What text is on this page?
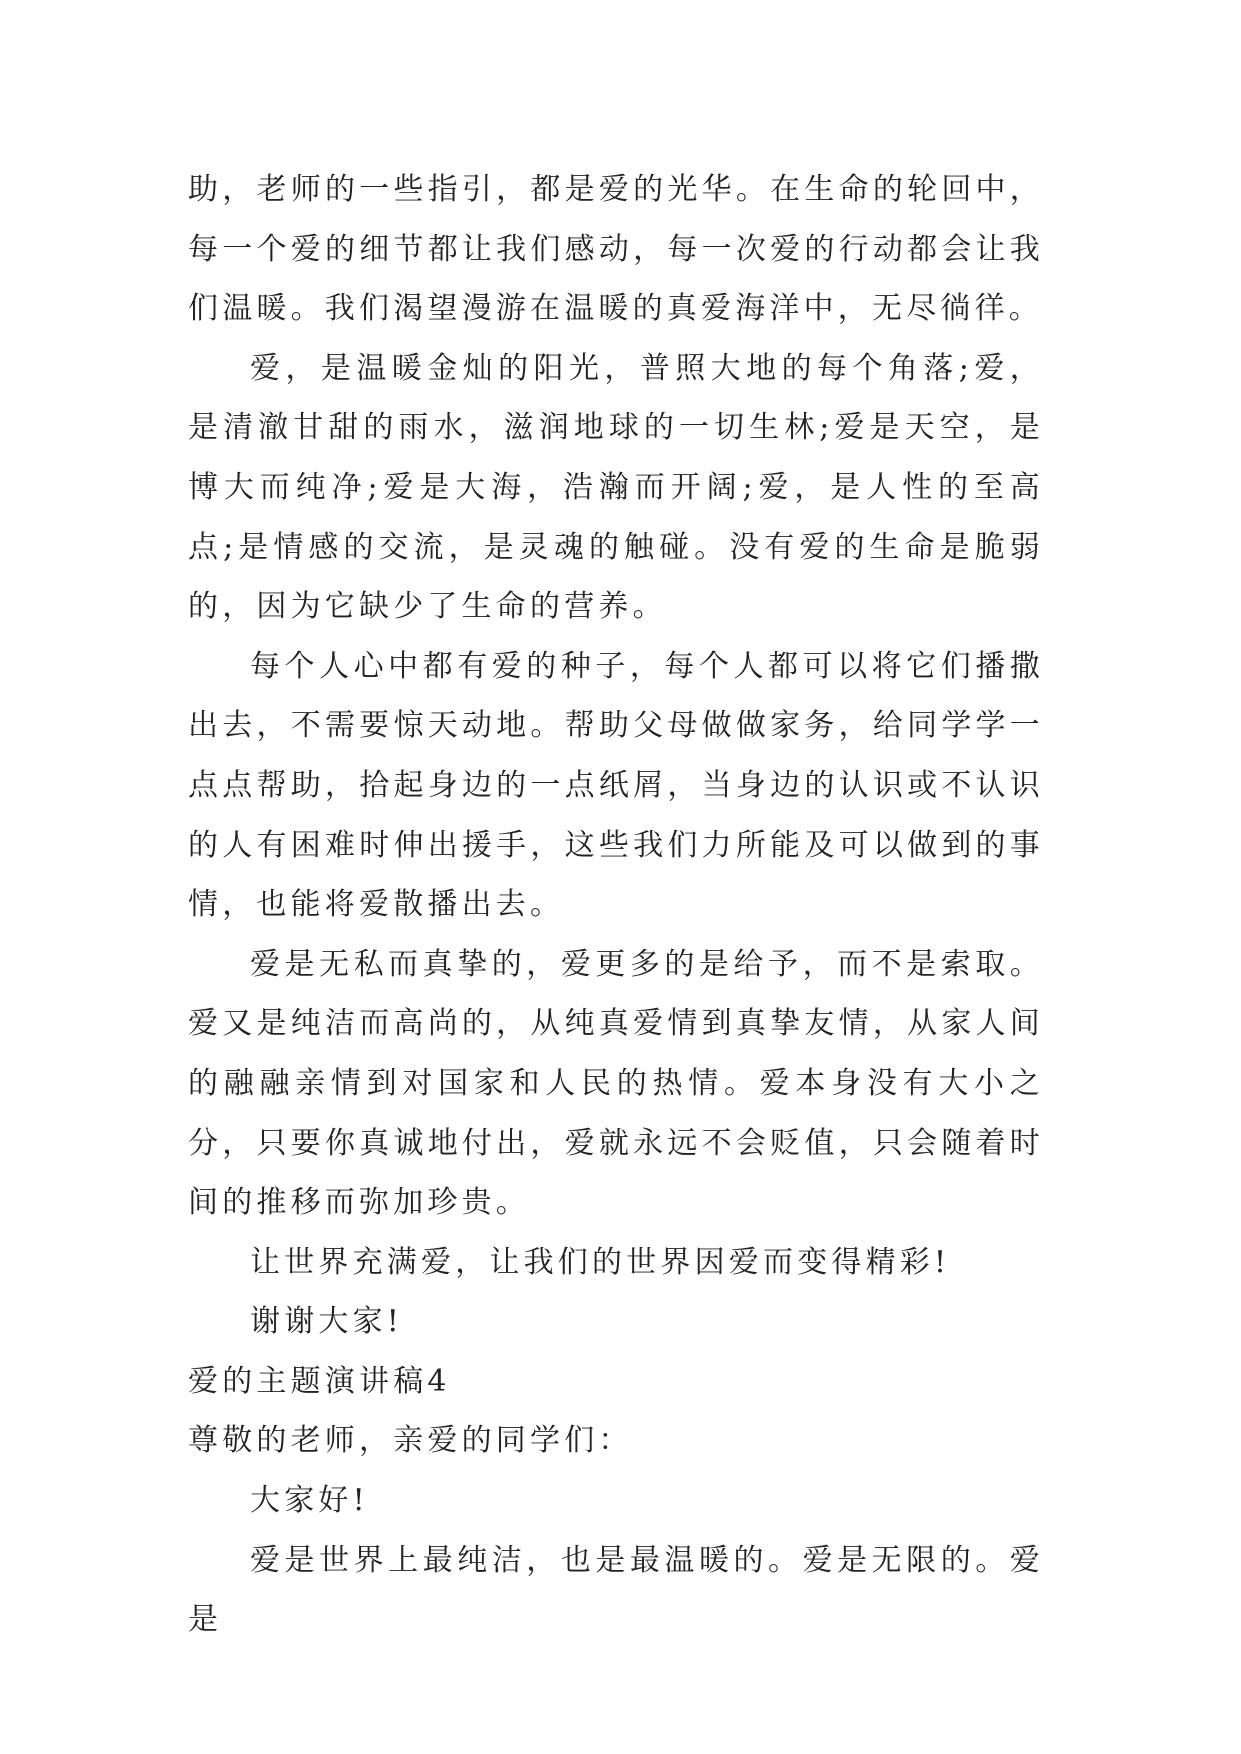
助，老师的一些指引，都是爱的光华。在生命的轮回中，每一个爱的细节都让我们感动，每一次爱的行动都会让我们温暖。我们渴望漫游在温暖的真爱海洋中，无尽徜徉。

爱，是温暖金灿的阳光，普照大地的每个角落;爱，是清澈甘甜的雨水，滋润地球的一切生林;爱是天空，是博大而纯净;爱是大海，浩瀚而开阔;爱，是人性的至高点;是情感的交流，是灵魂的触碰。没有爱的生命是脆弱的，因为它缺少了生命的营养。

每个人心中都有爱的种子，每个人都可以将它们播撒出去，不需要惊天动地。帮助父母做做家务，给同学学一点点帮助，拾起身边的一点纸屑，当身边的认识或不认识的人有困难时伸出援手，这些我们力所能及可以做到的事情，也能将爱散播出去。

爱是无私而真挚的，爱更多的是给予，而不是索取。爱又是纯洁而高尚的，从纯真爱情到真挚友情，从家人间的融融亲情到对国家和人民的热情。爱本身没有大小之分，只要你真诚地付出，爱就永远不会贬值，只会随着时间的推移而弥加珍贵。

让世界充满爱，让我们的世界因爱而变得精彩!

谢谢大家!

爱的主题演讲稿4

尊敬的老师，亲爱的同学们：

大家好!

爱是世界上最纯洁，也是最温暖的。爱是无限的。爱是
